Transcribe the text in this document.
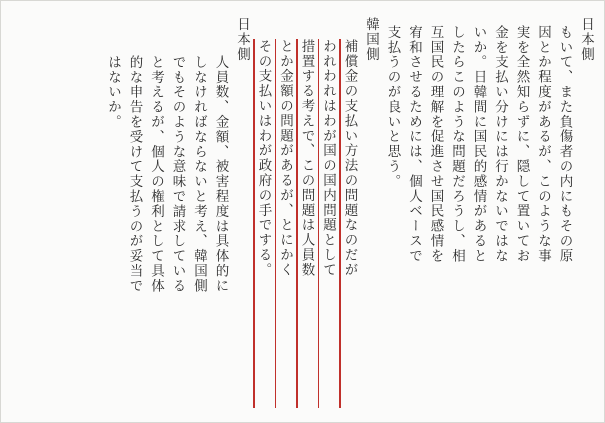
日本側
もいて、また負傷者の内にもその原
因とか程度があるが、このような事
実を全然知らずに、隠して置いてお
金を支払い分けには行かないではな
いか。日韓間に国民的感情があると
したらこのような問題だろうし、相
互国民の理解を促進させ国民感情を
宥和させるためには、個人ベースで
支払うのが良いと思う。
韓国側
補償金の支払い方法の問題なのだが
われわれはわが国の国内問題として
措置する考えで、この問題は人員数
とか金額の問題があるが、とにかく
その支払いはわが政府の手でする。
日本側
人員数、金額、被害程度は具体的に
しなければならないと考え、韓国側
でもそのような意味で請求している
と考えるが、個人の権利として具体
的な申告を受けて支払うのが妥当で
はないか。
